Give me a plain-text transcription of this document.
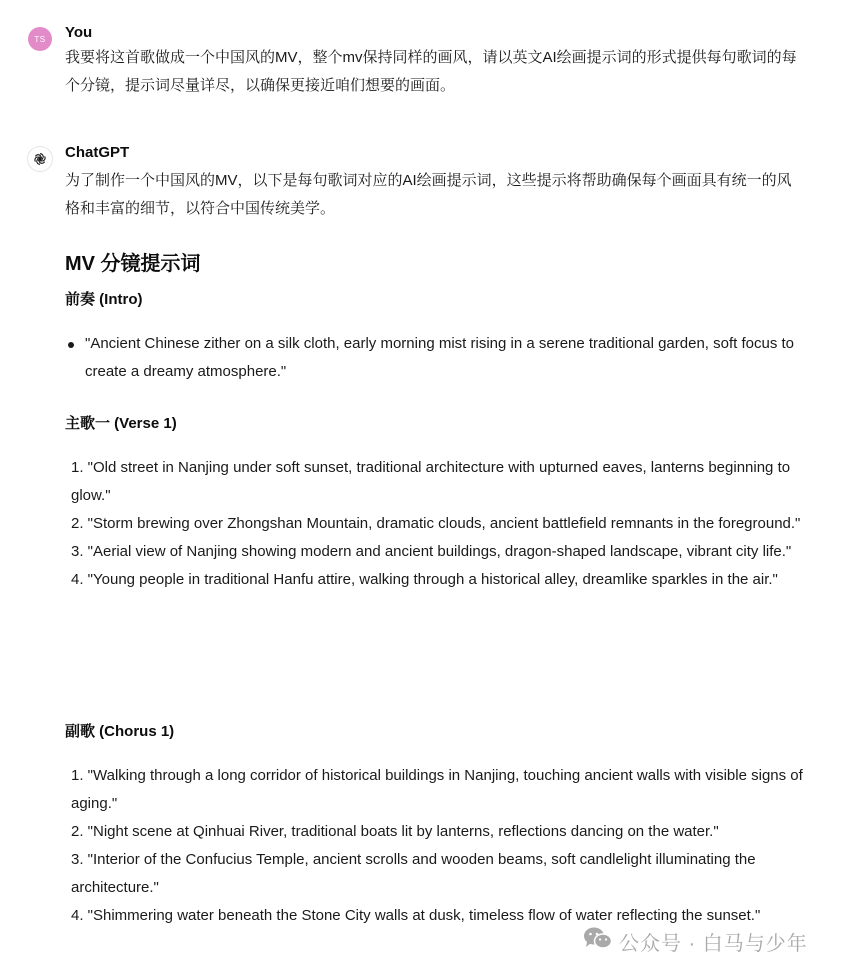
TS You
我要将这首歌做成一个中国风的MV，整个mv保持同样的画风，请以英文AI绘画提示词的形式提供每句歌词的每个分镜，提示词尽量详尽，以确保更接近咱们想要的画面。
ChatGPT
为了制作一个中国风的MV，以下是每句歌词对应的AI绘画提示词，这些提示将帮助确保每个画面具有统一的风格和丰富的细节，以符合中国传统美学。
MV 分镜提示词
前奏 (Intro)
"Ancient Chinese zither on a silk cloth, early morning mist rising in a serene traditional garden, soft focus to create a dreamy atmosphere."
主歌一 (Verse 1)
1. "Old street in Nanjing under soft sunset, traditional architecture with upturned eaves, lanterns beginning to glow."
2. "Storm brewing over Zhongshan Mountain, dramatic clouds, ancient battlefield remnants in the foreground."
3. "Aerial view of Nanjing showing modern and ancient buildings, dragon-shaped landscape, vibrant city life."
4. "Young people in traditional Hanfu attire, walking through a historical alley, dreamlike sparkles in the air."
副歌 (Chorus 1)
1. "Walking through a long corridor of historical buildings in Nanjing, touching ancient walls with visible signs of aging."
2. "Night scene at Qinhuai River, traditional boats lit by lanterns, reflections dancing on the water."
3. "Interior of the Confucius Temple, ancient scrolls and wooden beams, soft candlelight illuminating the architecture."
4. "Shimmering water beneath the Stone City walls at dusk, timeless flow of water reflecting the sunset."
公众号 · 白马与少年
